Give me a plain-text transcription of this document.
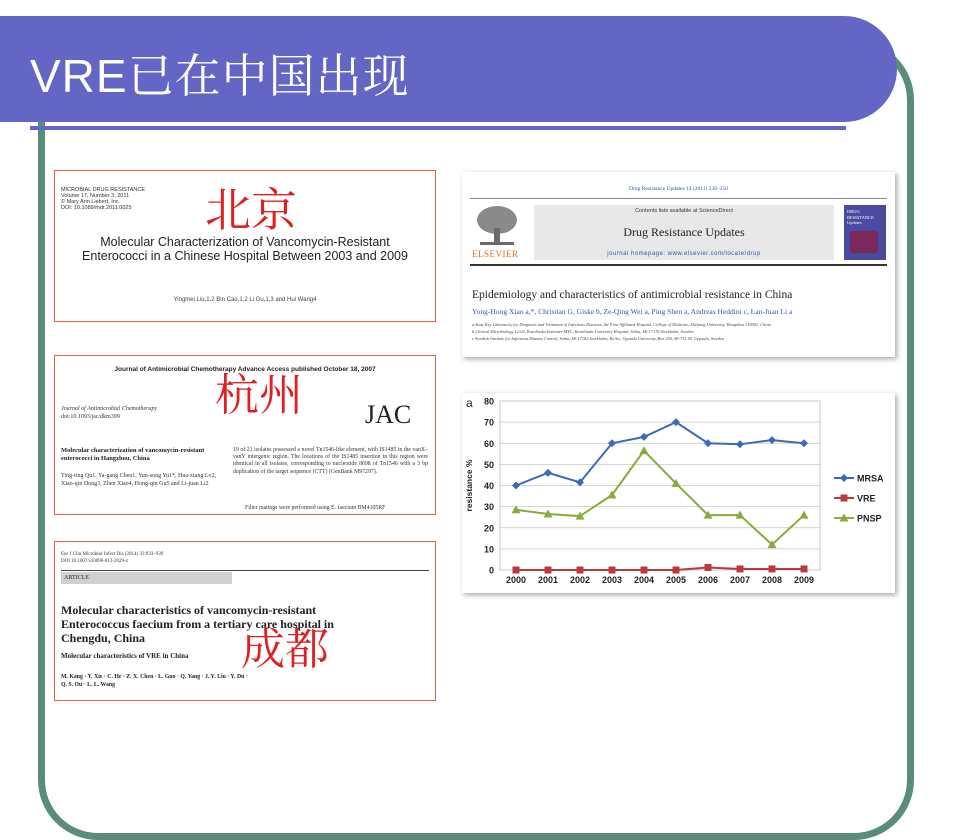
VRE已在中国出现
MICROBIAL DRUG RESISTANCE
Volume 17, Number 3, 2011
© Mary Ann Liebert, Inc.
DOI: 10.1089/mdr.2011.0025 北京
Molecular Characterization of Vancomycin-Resistant Enterococci in a Chinese Hospital Between 2003 and 2009
Yingmei Liu,1,2 Bin Cao,1,2 Li Gu,1,3 and Hui Wang4
Journal of Antimicrobial Chemotherapy Advance Access published October 18, 2007
Journal of Antimicrobial Chemotherapy
doi:10.1093/jac/dkm399 杭州 JAC
Molecular characterization of vancomycin-resistant enterococci in Hangzhou, China
Ting-ting Qu1, Ya-gang Chen1, Yun-song Yu1*, Hua-xiang Lv2, Xiao-qin Dong3, Zhen Xiao4, Hong-qin Gu5 and Li-juan Li2
19 of 21 isolates possessed a novel Tn1546-like element, with IS1485 in the vanX–vanY intergenic region. The locations of the IS1485 insertion in this region were identical in all isolates, corresponding to nucleotide 8698 of Tn1546 with a 3 bp duplication of the target sequence (CTT) (GenBank M97297).
Filter matings were performed using E. faecium BM4105RF
Eur J Clin Microbiol Infect Dis (2014) 33:933–939
DOI 10.1007/s10096-013-2029-z
ARTICLE
Molecular characteristics of vancomycin-resistant Enterococcus faecium from a tertiary care hospital in Chengdu, China
Molecular characteristics of VRE in China 成都
M. Kang · Y. Xie · C. He · Z. X. Chen · L. Guo · Q. Yang · J. Y. Liu · Y. Du · Q. S. Ou · L. L. Wang
Drug Resistance Updates 14 (2011) 236–250
ELSEVIER
Contents lists available at ScienceDirect
Drug Resistance Updates
journal homepage: www.elsevier.com/locate/drup
DRUG RESISTANCE Updates
Epidemiology and characteristics of antimicrobial resistance in China
Yong-Hong Xiao a,*, Christian G. Giske b, Ze-Qing Wei a, Ping Shen a, Andreas Heddini c, Lan-Juan Li a
a State Key Laboratory for Diagnosis and Treatment of Infectious Diseases, the First Affiliated Hospital, College of Medicine, Zhejiang University, Hangzhou 310003, China
b Clinical Microbiology L2:02, Karolinska Institutet-MTC, Karolinska University Hospital, Solna, SE-17176 Stockholm, Sweden
c Swedish Institute for Infectious Disease Control, Solna, SE-17182 Stockholm; ReAct, Uppsala University, Box 256, SE-751 05, Uppsala, Sweden
0
10
20
30
40
50
60
70
80
2000 2001 2002 2003 2004 2005 2006 2007 2008 2009
a
resistance %	MRSA
VRE
PNSP
